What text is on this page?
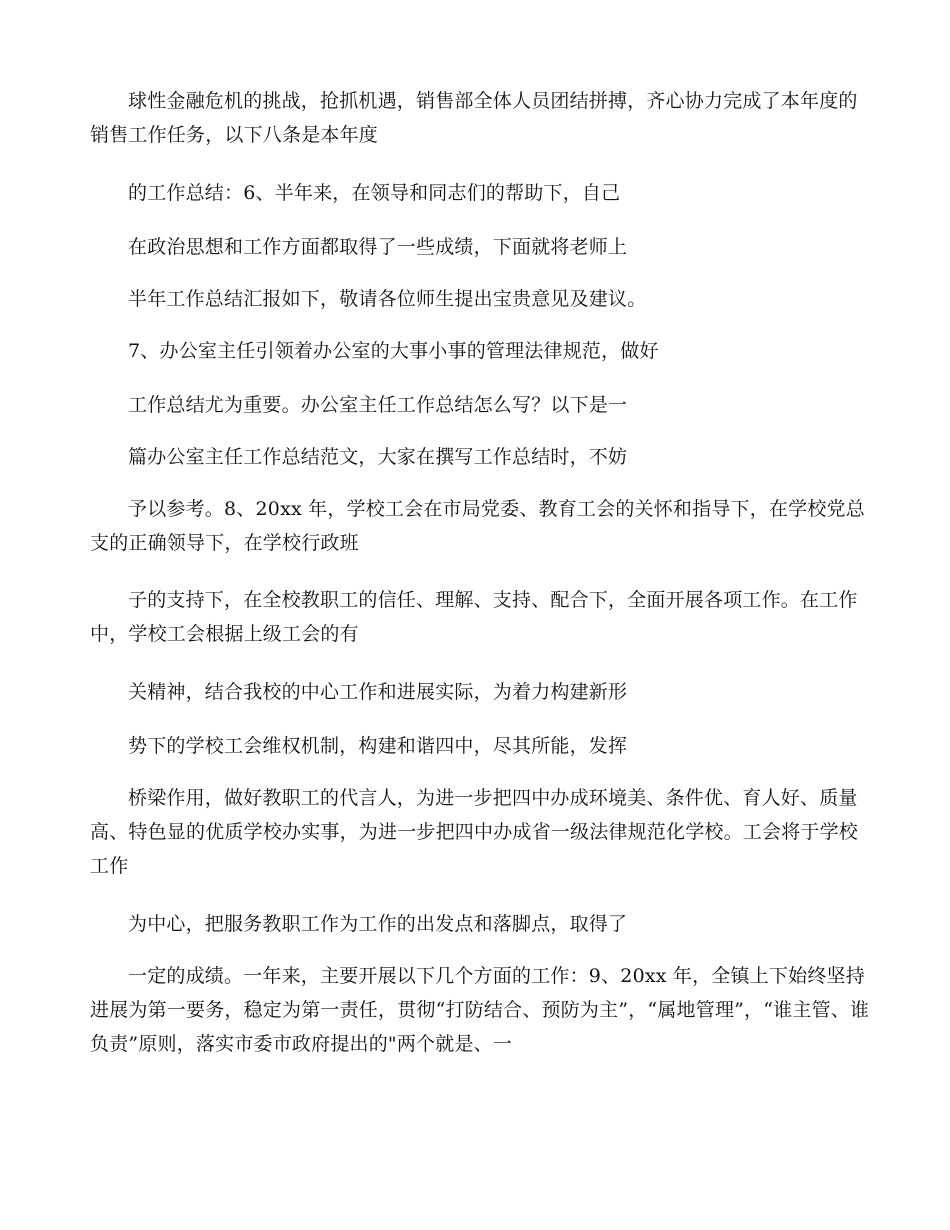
球性金融危机的挑战，抢抓机遇，销售部全体人员团结拼搏，齐心协力完成了本年度的销售工作任务，以下八条是本年度

的工作总结：6、半年来，在领导和同志们的帮助下，自己

在政治思想和工作方面都取得了一些成绩，下面就将老师上

半年工作总结汇报如下，敬请各位师生提出宝贵意见及建议。

7、办公室主任引领着办公室的大事小事的管理法律规范，做好

工作总结尤为重要。办公室主任工作总结怎么写？以下是一

篇办公室主任工作总结范文，大家在撰写工作总结时，不妨

予以参考。8、20xx 年，学校工会在市局党委、教育工会的关怀和指导下，在学校党总支的正确领导下，在学校行政班

子的支持下，在全校教职工的信任、理解、支持、配合下，全面开展各项工作。在工作中，学校工会根据上级工会的有

关精神，结合我校的中心工作和进展实际，为着力构建新形

势下的学校工会维权机制，构建和谐四中，尽其所能，发挥

桥梁作用，做好教职工的代言人，为进一步把四中办成环境美、条件优、育人好、质量高、特色显的优质学校办实事，为进一步把四中办成省一级法律规范化学校。工会将于学校工作

为中心，把服务教职工作为工作的出发点和落脚点，取得了

一定的成绩。一年来，主要开展以下几个方面的工作：9、20xx 年，全镇上下始终坚持进展为第一要务，稳定为第一责任，贯彻“打防结合、预防为主”，“属地管理”，“谁主管、谁负责”原则，落实市委市政府提出的"两个就是、一
